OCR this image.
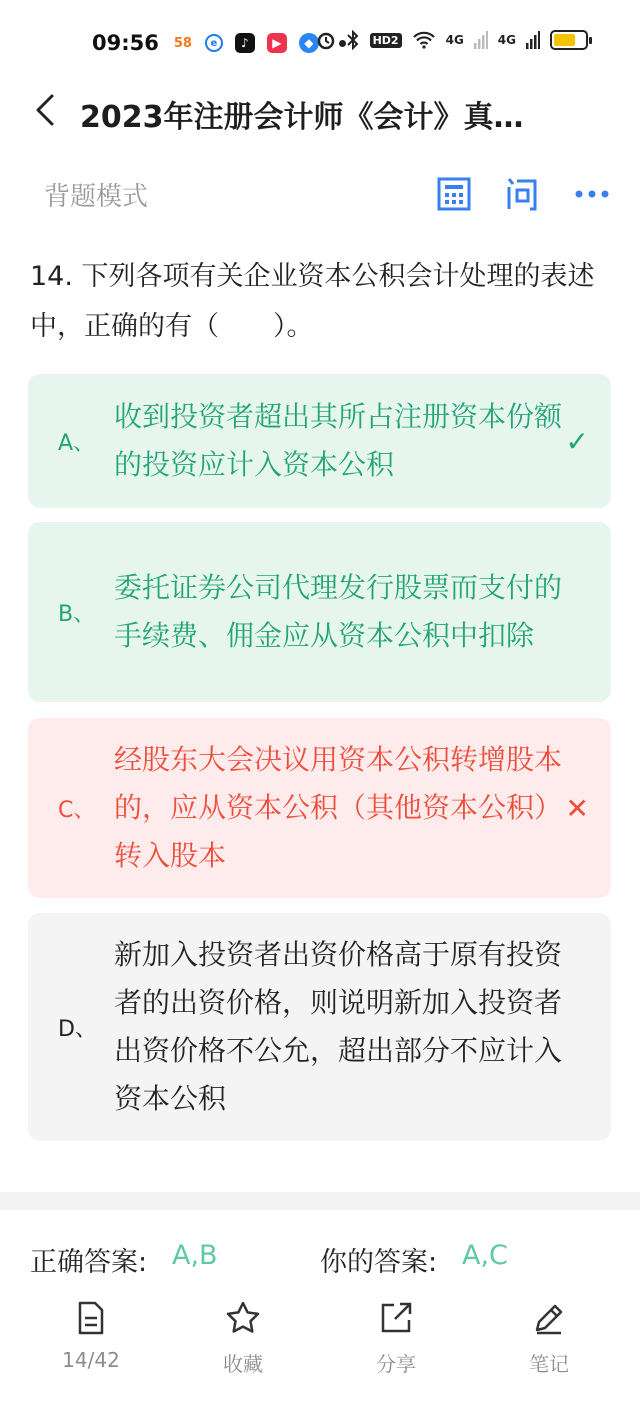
09:56 58	e	♪	▶	◆	HD2	4G	4G
2023年注册会计师《会计》真…
背题模式
14. 下列各项有关企业资本公积会计处理的表述中，正确的有（　　）。
A、
收到投资者超出其所占注册资本份额的投资应计入资本公积
✓
B、
委托证券公司代理发行股票而支付的手续费、佣金应从资本公积中扣除
C、
经股东大会决议用资本公积转增股本的，应从资本公积（其他资本公积）转入股本
✕
D、
新加入投资者出资价格高于原有投资者的出资价格，则说明新加入投资者出资价格不公允，超出部分不应计入资本公积
正确答案: A,B	你的答案: A,C
14/42	收藏	分享	笔记
